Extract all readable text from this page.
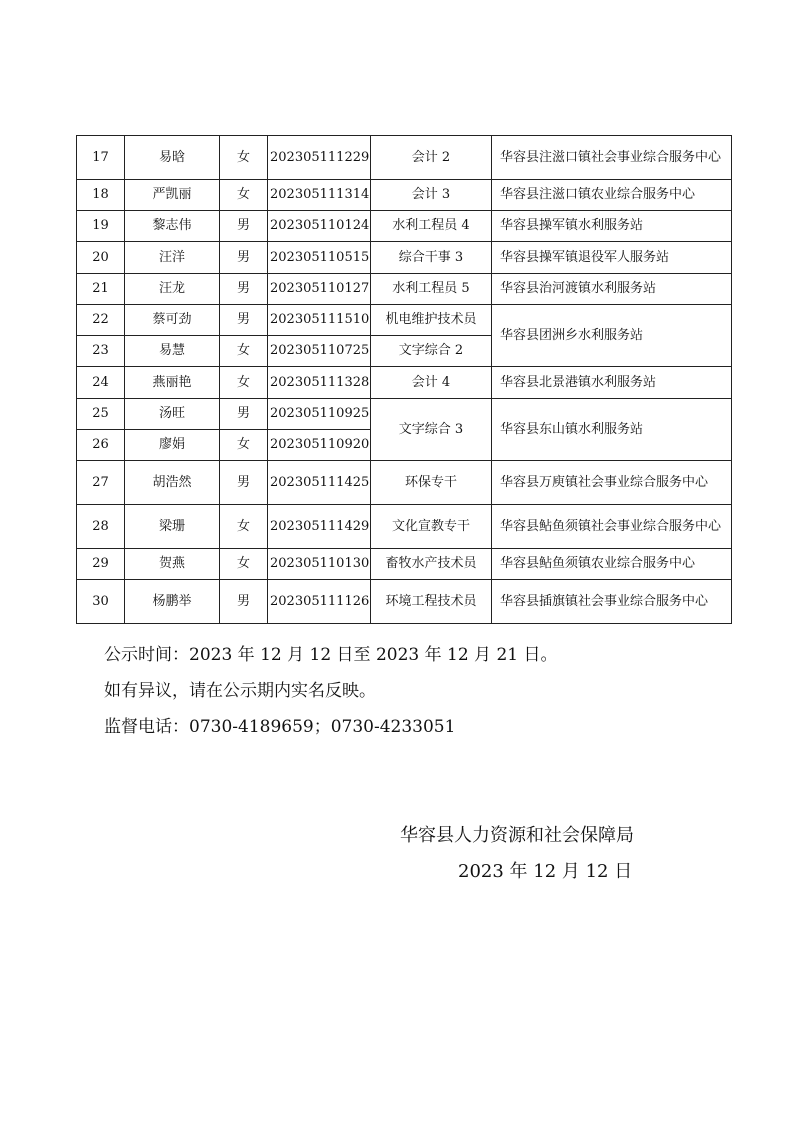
17	易晗	女	202305111229	会计 2	华容县注滋口镇社会事业综合服务中心
18	严凯丽	女	202305111314	会计 3	华容县注滋口镇农业综合服务中心
19	黎志伟	男	202305110124	水利工程员 4	华容县操军镇水利服务站
20	汪洋	男	202305110515	综合干事 3	华容县操军镇退役军人服务站
21	汪龙	男	202305110127	水利工程员 5	华容县治河渡镇水利服务站
22	蔡可劲	男	202305111510	机电维护技术员	华容县团洲乡水利服务站
23	易慧	女	202305110725	文字综合 2	
24	燕丽艳	女	202305111328	会计 4	华容县北景港镇水利服务站
25	汤旺	男	202305110925	文字综合 3	华容县东山镇水利服务站
26	廖娟	女	202305110920		
27	胡浩然	男	202305111425	环保专干	华容县万庾镇社会事业综合服务中心
28	梁珊	女	202305111429	文化宣教专干	华容县鲇鱼须镇社会事业综合服务中心
29	贺燕	女	202305110130	畜牧水产技术员	华容县鲇鱼须镇农业综合服务中心
30	杨鹏举	男	202305111126	环境工程技术员	华容县插旗镇社会事业综合服务中心
公示时间：2023 年 12 月 12 日至 2023 年 12 月 21 日。
如有异议，请在公示期内实名反映。
监督电话：0730-4189659；0730-4233051
华容县人力资源和社会保障局
2023 年 12 月 12 日
